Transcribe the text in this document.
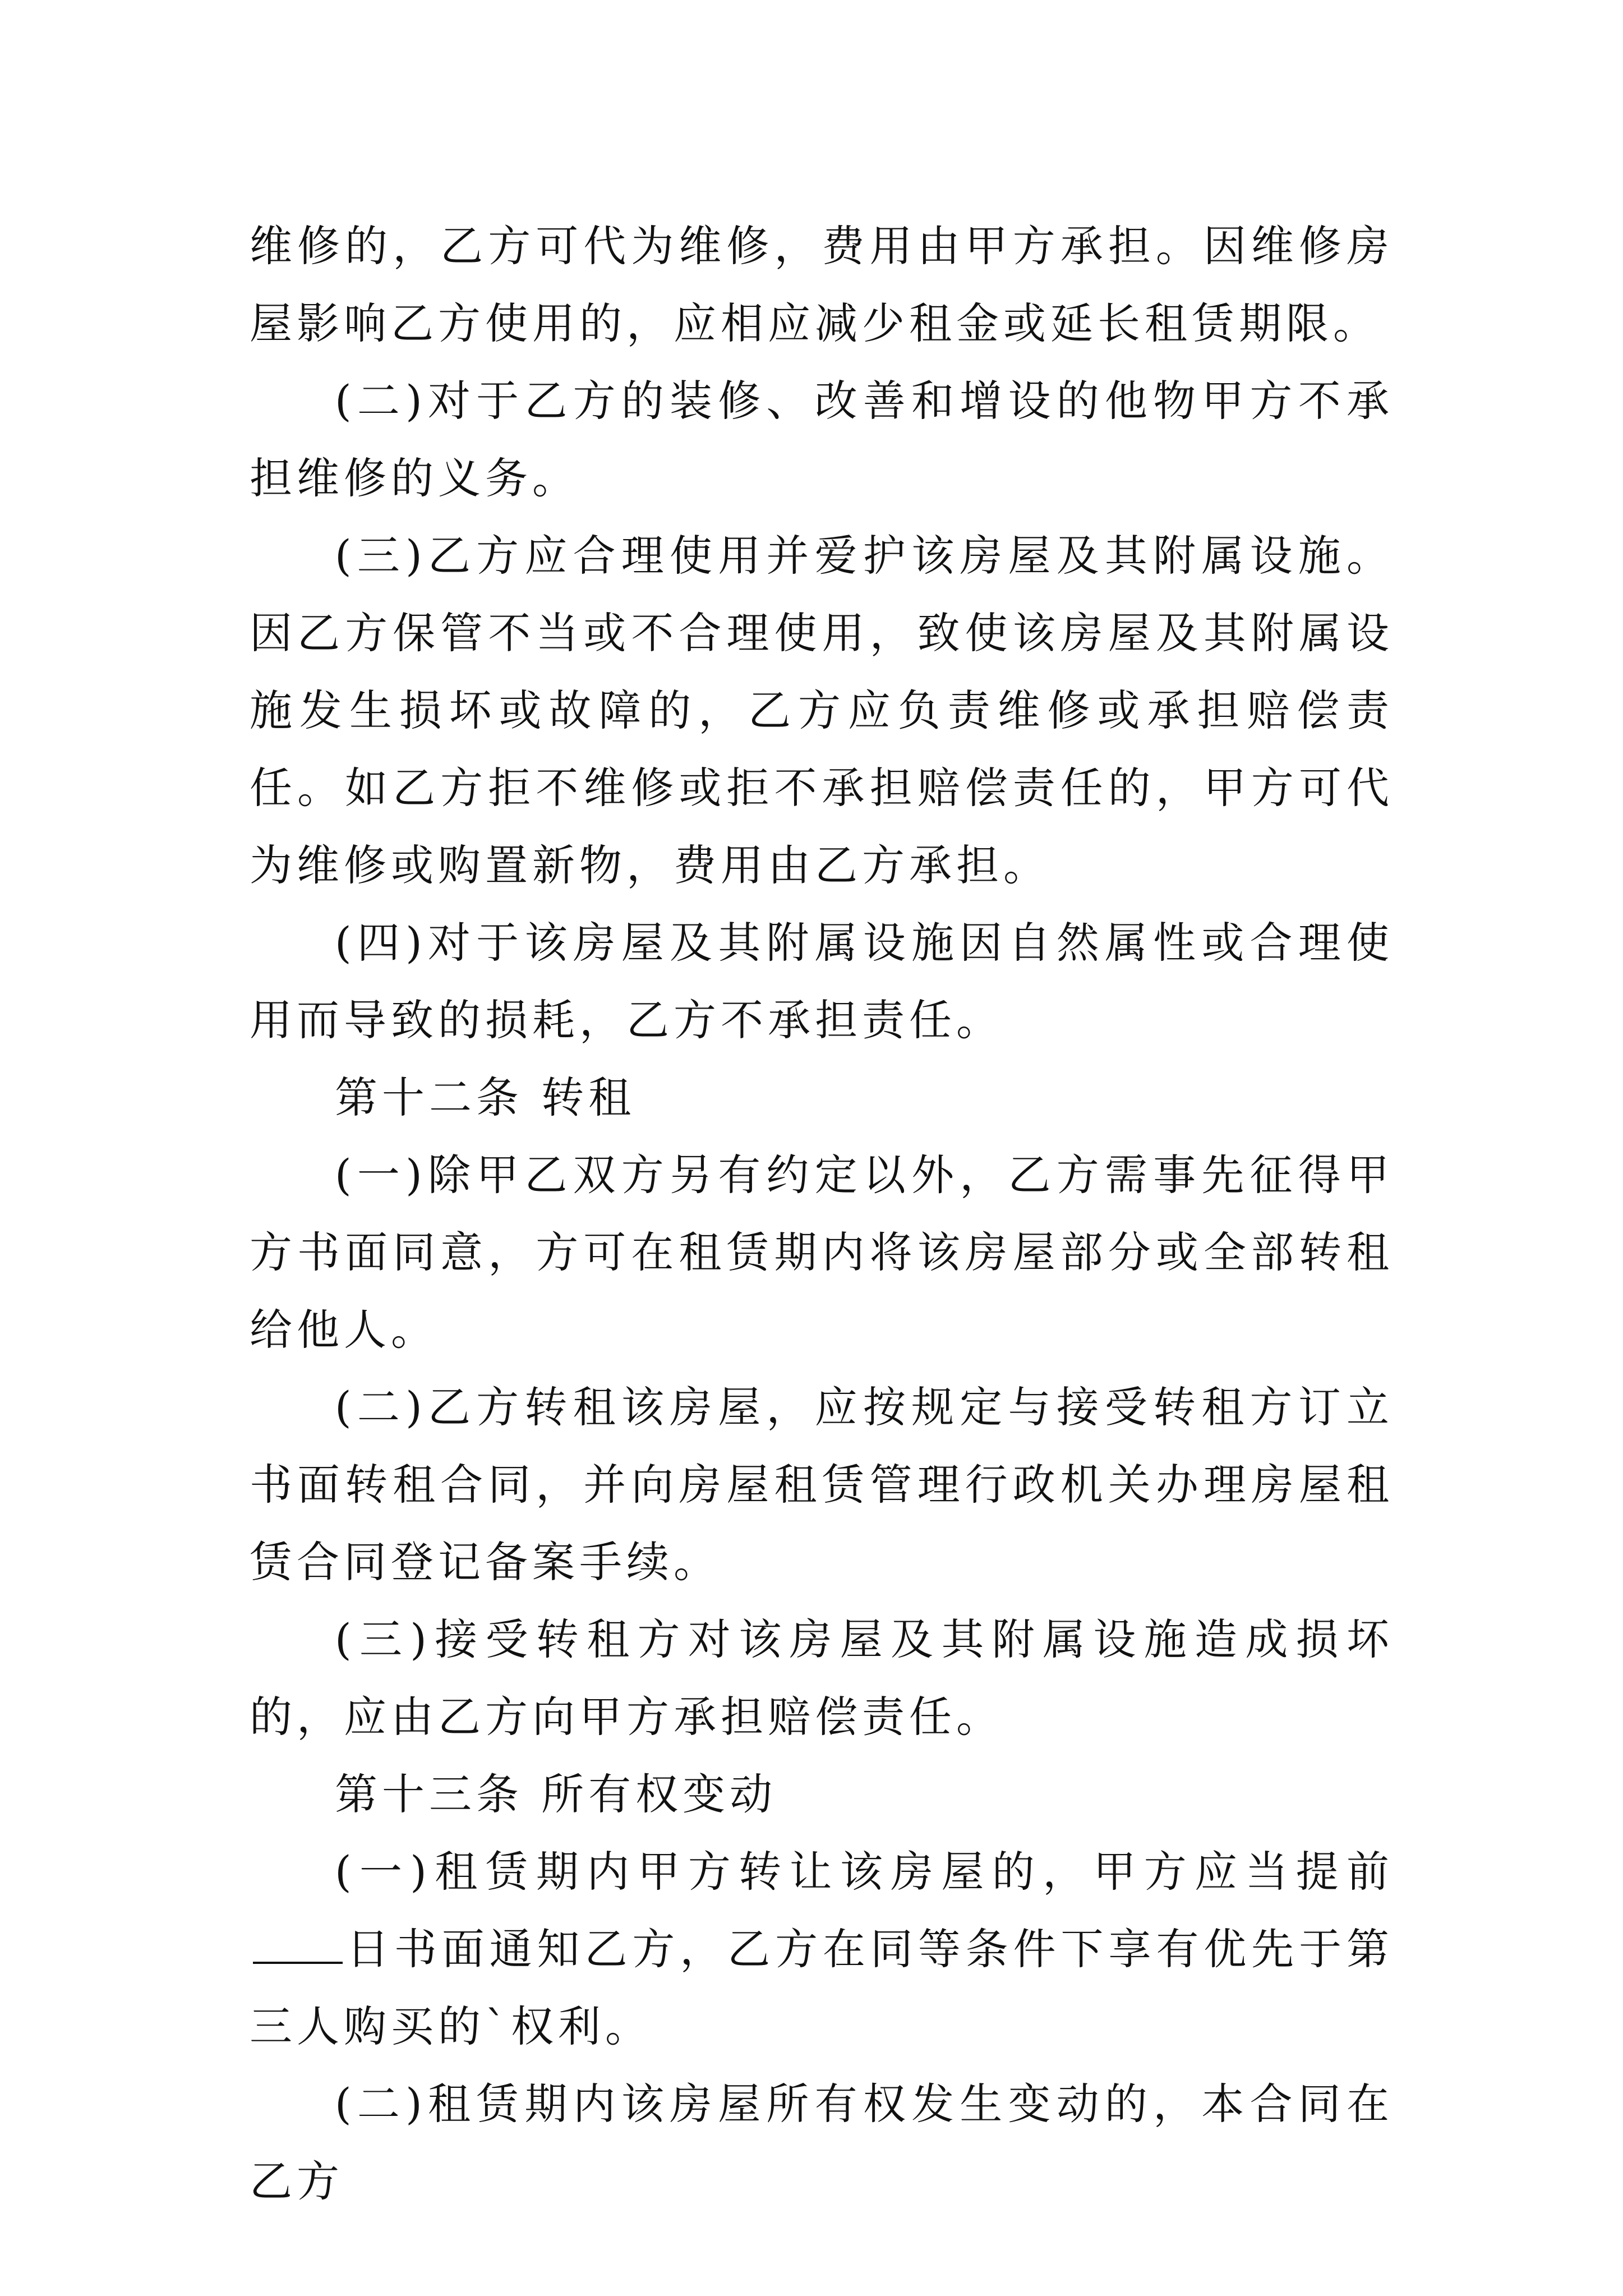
维修的，乙方可代为维修，费用由甲方承担。因维修房屋影响乙方使用的，应相应减少租金或延长租赁期限。

(二)对于乙方的装修、改善和增设的他物甲方不承担维修的义务。

(三)乙方应合理使用并爱护该房屋及其附属设施。因乙方保管不当或不合理使用，致使该房屋及其附属设施发生损坏或故障的，乙方应负责维修或承担赔偿责任。如乙方拒不维修或拒不承担赔偿责任的，甲方可代为维修或购置新物，费用由乙方承担。

(四)对于该房屋及其附属设施因自然属性或合理使用而导致的损耗，乙方不承担责任。

第十二条 转租

(一)除甲乙双方另有约定以外，乙方需事先征得甲方书面同意，方可在租赁期内将该房屋部分或全部转租给他人。

(二)乙方转租该房屋，应按规定与接受转租方订立书面转租合同，并向房屋租赁管理行政机关办理房屋租赁合同登记备案手续。

(三)接受转租方对该房屋及其附属设施造成损坏的，应由乙方向甲方承担赔偿责任。

第十三条 所有权变动

(一)租赁期内甲方转让该房屋的，甲方应当提前日书面通知乙方，乙方在同等条件下享有优先于第三人购买的`权利。

(二)租赁期内该房屋所有权发生变动的，本合同在乙方
